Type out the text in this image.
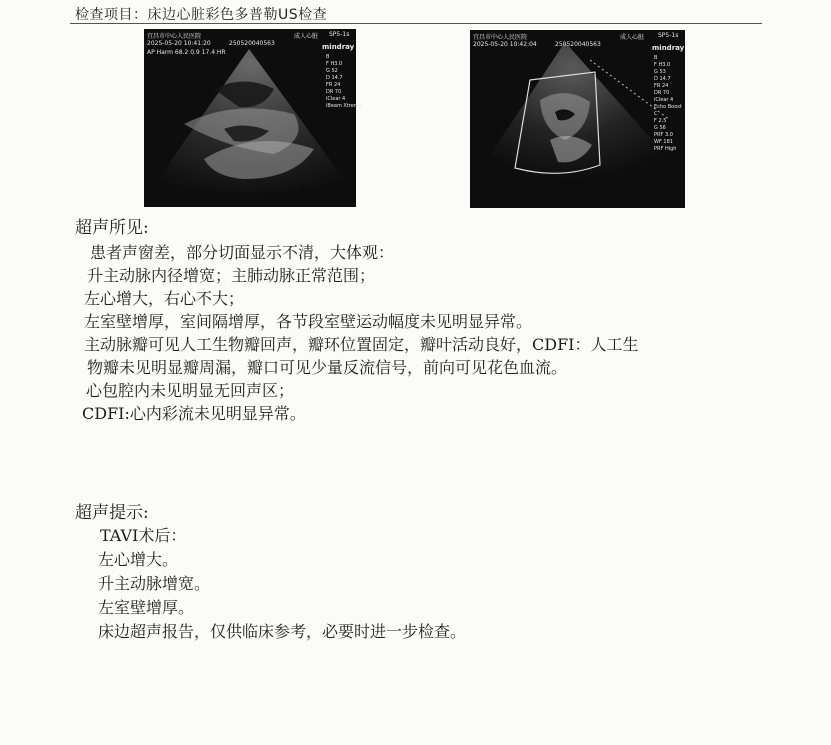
检查项目：床边心脏彩色多普勒US检查
宜昌市中心人民医院
2025-05-20 10:41:20	250520040563
成人心脏 SP5-1s
mindray
AP Harm 68.2 0.9 17.4 HR
B
F H3.0
G 52
D 14.7
FR 24
DR 70
iClear 4
iBeam Xtreme
宜昌市中心人民医院
2025-05-20 10:42:04	250520040563
成人心脏 SP5-1s
mindray
B
F H3.0
G 53
D 14.7
FR 24
DR 70
iClear 4
Echo Boost
C
F 2.5
G 56
PRF 3.0
WF 181
PRF High
超声所见:
患者声窗差，部分切面显示不清，大体观：
升主动脉内径增宽；主肺动脉正常范围；
左心增大，右心不大；
左室壁增厚，室间隔增厚，各节段室壁运动幅度未见明显异常。
主动脉瓣可见人工生物瓣回声，瓣环位置固定，瓣叶活动良好，CDFI：人工生
物瓣未见明显瓣周漏，瓣口可见少量反流信号，前向可见花色血流。
心包腔内未见明显无回声区；
CDFI:心内彩流未见明显异常。
超声提示:
TAVI术后：
左心增大。
升主动脉增宽。
左室壁增厚。
床边超声报告，仅供临床参考，必要时进一步检查。
